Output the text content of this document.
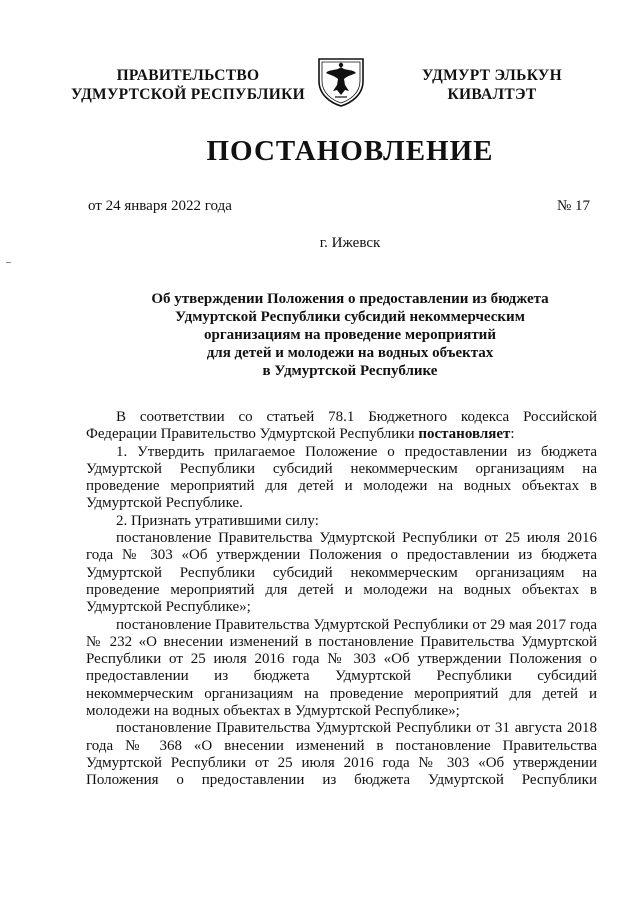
ПРАВИТЕЛЬСТВО
УДМУРТСКОЙ РЕСПУБЛИКИ
УДМУРТ ЭЛЬКУН
КИВАЛТЭТ
ПОСТАНОВЛЕНИЕ
от 24 января 2022 года	№ 17
г. Ижевск
Об утверждении Положения о предоставлении из бюджета
Удмуртской Республики субсидий некоммерческим
организациям на проведение мероприятий
для детей и молодежи на водных объектах
в Удмуртской Республике

В соответствии со статьей 78.1 Бюджетного кодекса Российской Федерации Правительство Удмуртской Республики постановляет:

1. Утвердить прилагаемое Положение о предоставлении из бюджета Удмуртской Республики субсидий некоммерческим организациям на проведение мероприятий для детей и молодежи на водных объектах в Удмуртской Республике.

2. Признать утратившими силу:

постановление Правительства Удмуртской Республики от 25 июля 2016 года № 303 «Об утверждении Положения о предоставлении из бюджета Удмуртской Республики субсидий некоммерческим организациям на проведение мероприятий для детей и молодежи на водных объектах в Удмуртской Республике»;

постановление Правительства Удмуртской Республики от 29 мая 2017 года № 232 «О внесении изменений в постановление Правительства Удмуртской Республики от 25 июля 2016 года № 303 «Об утверждении Положения о предоставлении из бюджета Удмуртской Республики субсидий некоммерческим организациям на проведение мероприятий для детей и молодежи на водных объектах в Удмуртской Республике»;

постановление Правительства Удмуртской Республики от 31 августа 2018 года № 368 «О внесении изменений в постановление Правительства Удмуртской Республики от 25 июля 2016 года № 303 «Об утверждении Положения о предоставлении из бюджета Удмуртской Республики
